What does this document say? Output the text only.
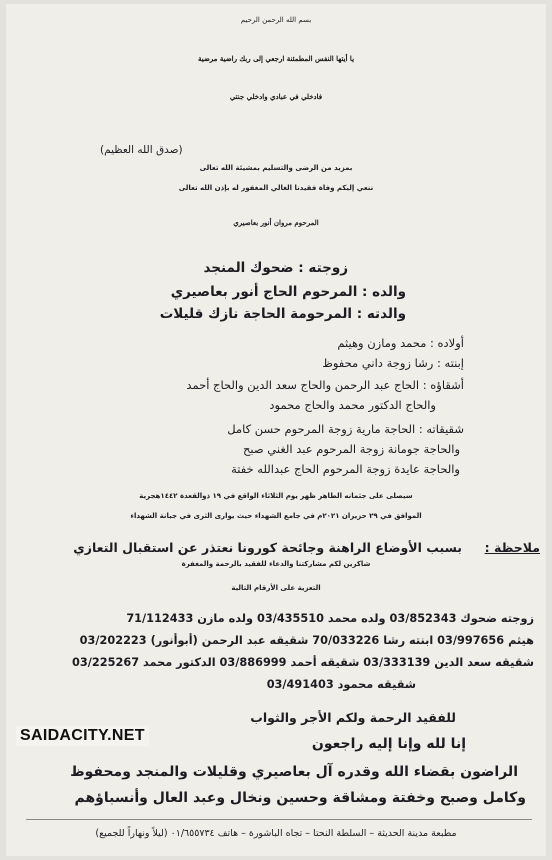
بسم الله الرحمن الرحيم
يا أيتها النفس المطمئنة ارجعي إلى ربك راضية مرضية
فادخلي في عبادي وادخلي جنتي
(صدق الله العظيم)
بمزيد من الرضى والتسليم بمشيئة الله تعالى
ننعي إليكم وفاة فقيدنا الغالي المغفور له بإذن الله تعالى
المرحوم مروان أنور بعاصيري
زوجته : ضحوك المنجد
والده : المرحوم الحاج أنور بعاصيري
والدته : المرحومة الحاجة نازك قليلات
أولاده : محمد ومازن وهيثم
إبنته : رشا زوجة داني محفوظ
أشقاؤه : الحاج عبد الرحمن والحاج سعد الدين والحاج أحمد
والحاج الدكتور محمد والحاج محمود
شقيقاته : الحاجة مارية زوجة المرحوم حسن كامل
والحاجة جومانة زوجة المرحوم عبد الغني صبح
والحاجة عايدة زوجة المرحوم الحاج عبدالله خفتة
سيصلى على جثمانه الطاهر ظهر يوم الثلاثاء الواقع في ١٩ ذوالقعدة ١٤٤٢هجرية
الموافق في ٢٩ حزيران ٢٠٢١م في جامع الشهداء حيث يوارى الثرى في جبانة الشهداء
ملاحظة :
بسبب الأوضاع الراهنة وجائحة كورونا نعتذر عن استقبال التعازي
شاكرين لكم مشاركتنا والدعاء للفقيد بالرحمة والمغفرة
التعزية على الأرقام التالية
زوجته ضحوك 03/852343 ولده محمد 03/435510 ولده مازن 71/112433
هيثم 03/997656 ابنته رشا 70/033226 شقيقه عبد الرحمن (أبوأنور) 03/202223
شقيقه سعد الدين 03/333139 شقيقه أحمد 03/886999 الدكتور محمد 03/225267
شقيقه محمود 03/491403
للفقيد الرحمة ولكم الأجر والثواب
إنا لله وإنا إليه راجعون
الراضون بقضاء الله وقدره آل بعاصيري وقليلات والمنجد ومحفوظ
وكامل وصبح وخفتة ومشاقة وحسين ونخال وعبد العال وأنسباؤهم
مطبعة مدينة الحديثة – السلطة النحتا – تجاه الباشورة – هاتف ٠١/٦٥٥٧٣٤ (ليلاً ونهاراً للجميع)
SAIDACITY.NET
